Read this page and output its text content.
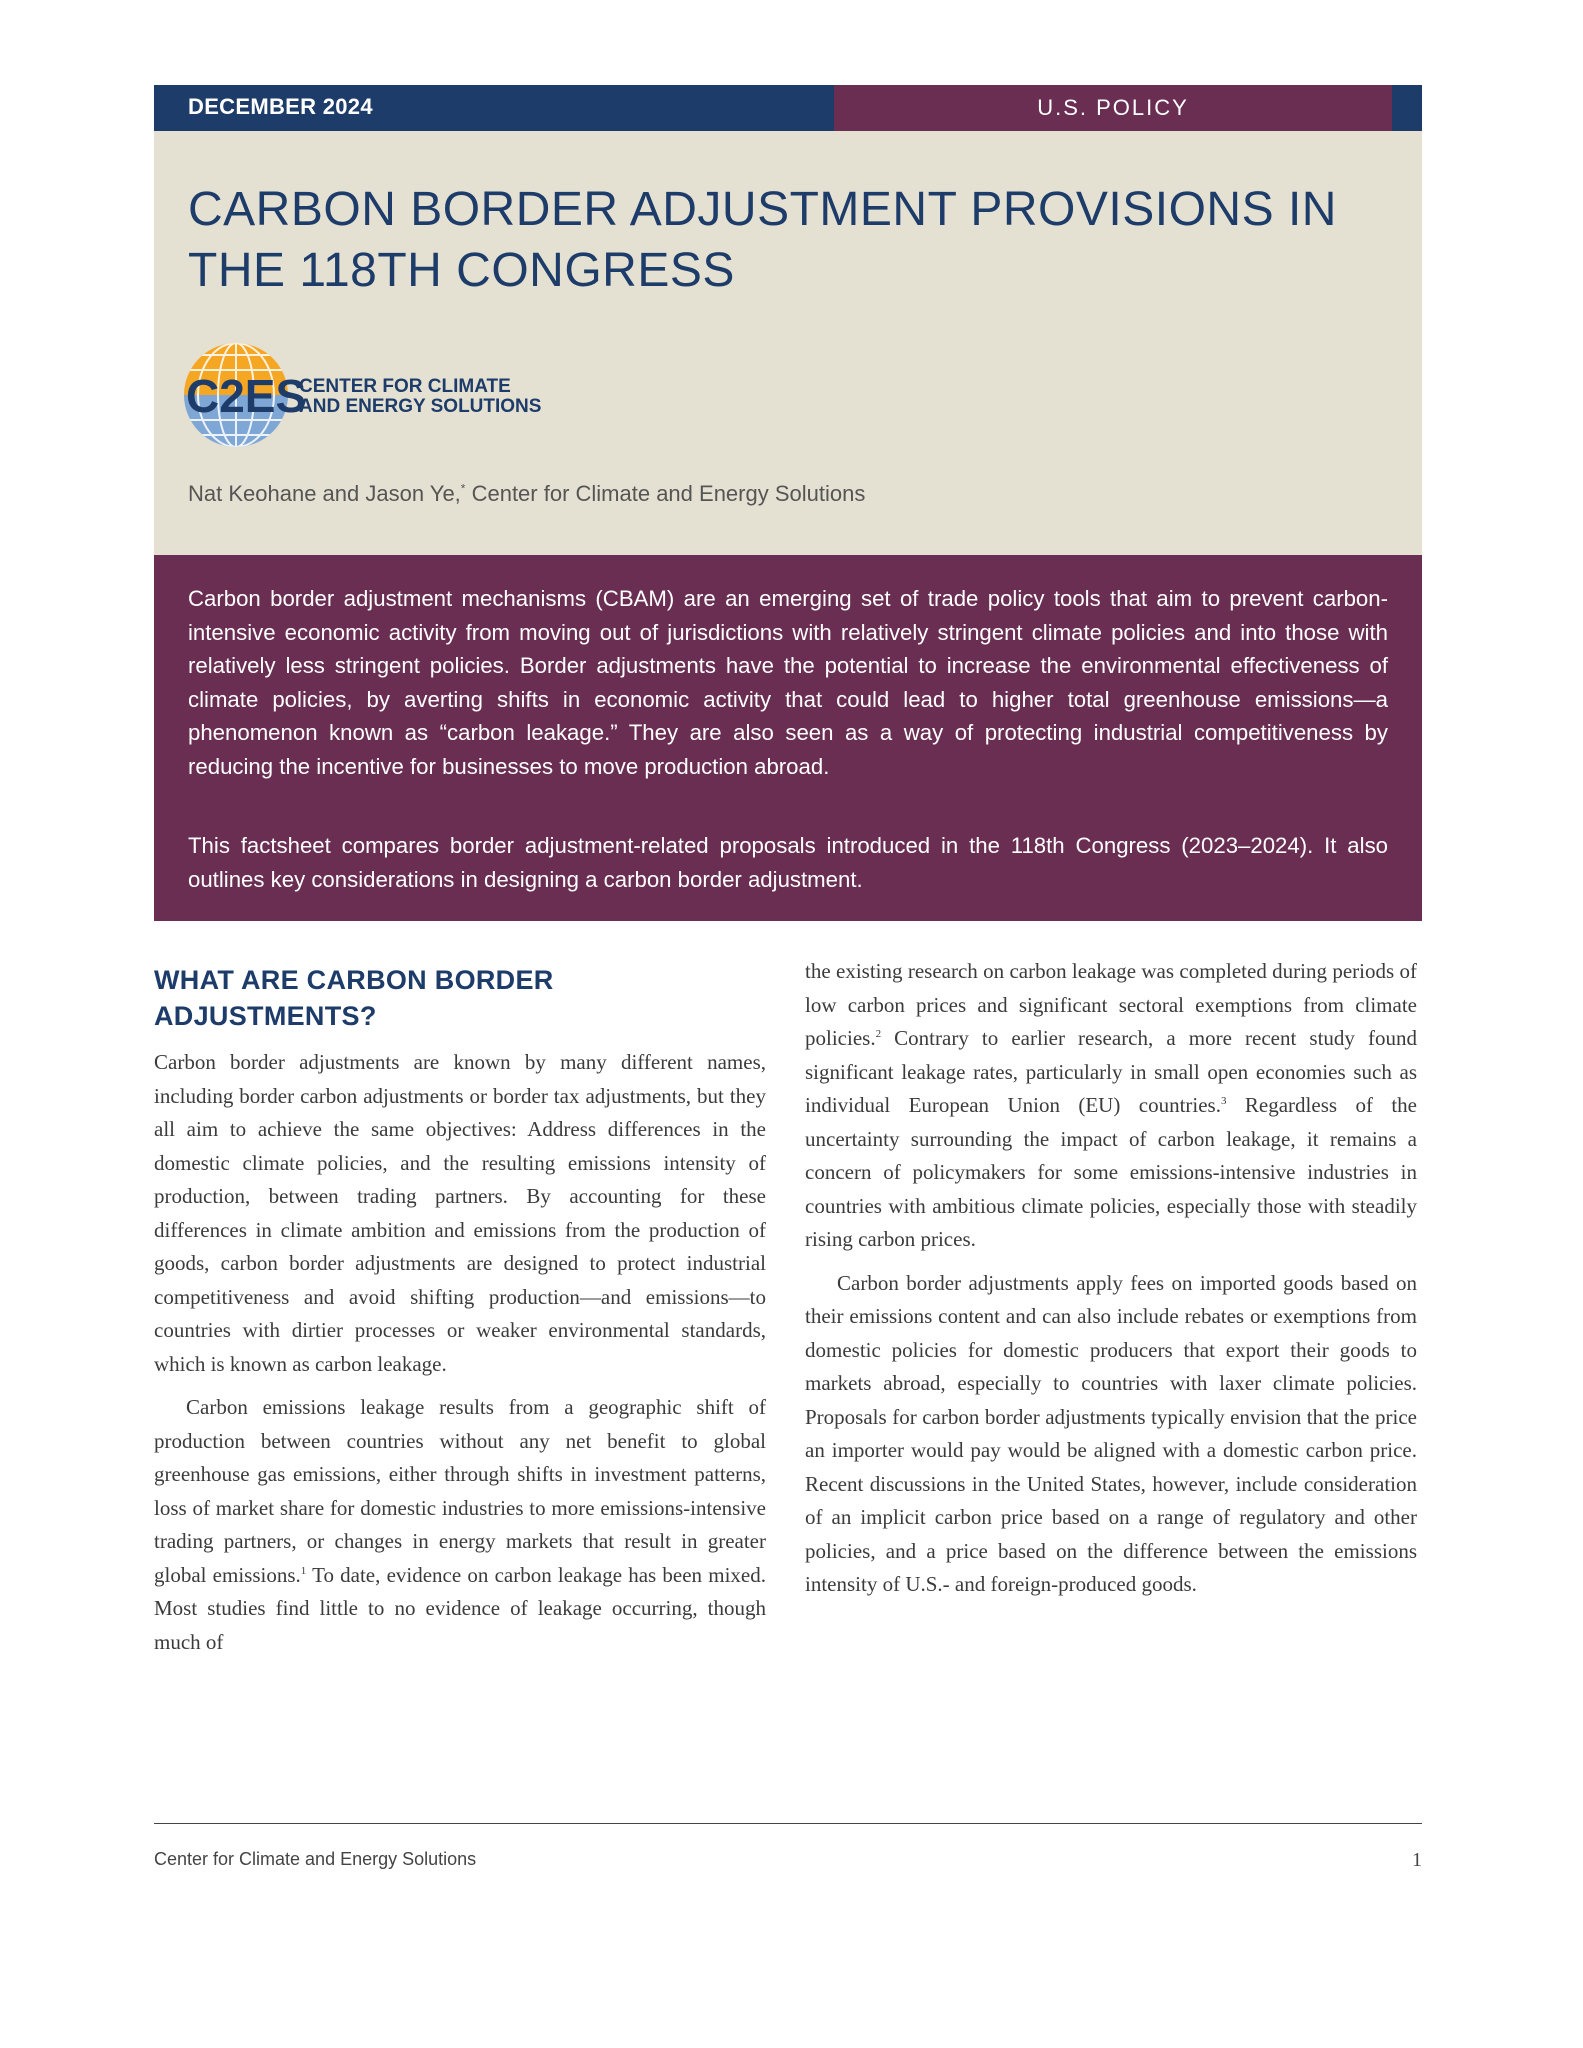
DECEMBER 2024	U.S. POLICY
CARBON BORDER ADJUSTMENT PROVISIONS IN THE 118TH CONGRESS
C2ES
CENTER FOR CLIMATE
AND ENERGY SOLUTIONS
Nat Keohane and Jason Ye,* Center for Climate and Energy Solutions

Carbon border adjustment mechanisms (CBAM) are an emerging set of trade policy tools that aim to prevent carbon-intensive economic activity from moving out of jurisdictions with relatively stringent climate policies and into those with relatively less stringent policies. Border adjustments have the potential to increase the environmental effectiveness of climate policies, by averting shifts in economic activity that could lead to higher total greenhouse emissions—a phenomenon known as “carbon leakage.” They are also seen as a way of protecting industrial competitiveness by reducing the incentive for businesses to move production abroad.

This factsheet compares border adjustment-related proposals introduced in the 118th Congress (2023–2024). It also outlines key considerations in designing a carbon border adjustment.

WHAT ARE CARBON BORDER ADJUSTMENTS?

Carbon border adjustments are known by many different names, including border carbon adjustments or border tax adjustments, but they all aim to achieve the same objectives: Address differences in the domestic climate policies, and the resulting emissions intensity of production, between trading partners. By accounting for these differences in climate ambition and emissions from the production of goods, carbon border adjustments are designed to protect industrial competitiveness and avoid shifting production—and emissions—to countries with dirtier processes or weaker environmental standards, which is known as carbon leakage.

Carbon emissions leakage results from a geographic shift of production between countries without any net benefit to global greenhouse gas emissions, either through shifts in investment patterns, loss of market share for domestic industries to more emissions-intensive trading partners, or changes in energy markets that result in greater global emissions.$^1$ To date, evidence on carbon leakage has been mixed. Most studies find little to no evidence of leakage occurring, though much of

the existing research on carbon leakage was completed during periods of low carbon prices and significant sectoral exemptions from climate policies.$^2$ Contrary to earlier research, a more recent study found significant leakage rates, particularly in small open economies such as individual European Union (EU) countries.$^3$ Regardless of the uncertainty surrounding the impact of carbon leakage, it remains a concern of policymakers for some emissions-intensive industries in countries with ambitious climate policies, especially those with steadily rising carbon prices.

Carbon border adjustments apply fees on imported goods based on their emissions content and can also include rebates or exemptions from domestic policies for domestic producers that export their goods to markets abroad, especially to countries with laxer climate policies. Proposals for carbon border adjustments typically envision that the price an importer would pay would be aligned with a domestic carbon price. Recent discussions in the United States, however, include consideration of an implicit carbon price based on a range of regulatory and other policies, and a price based on the difference between the emissions intensity of U.S.- and foreign-produced goods.

Center for Climate and Energy Solutions	1
